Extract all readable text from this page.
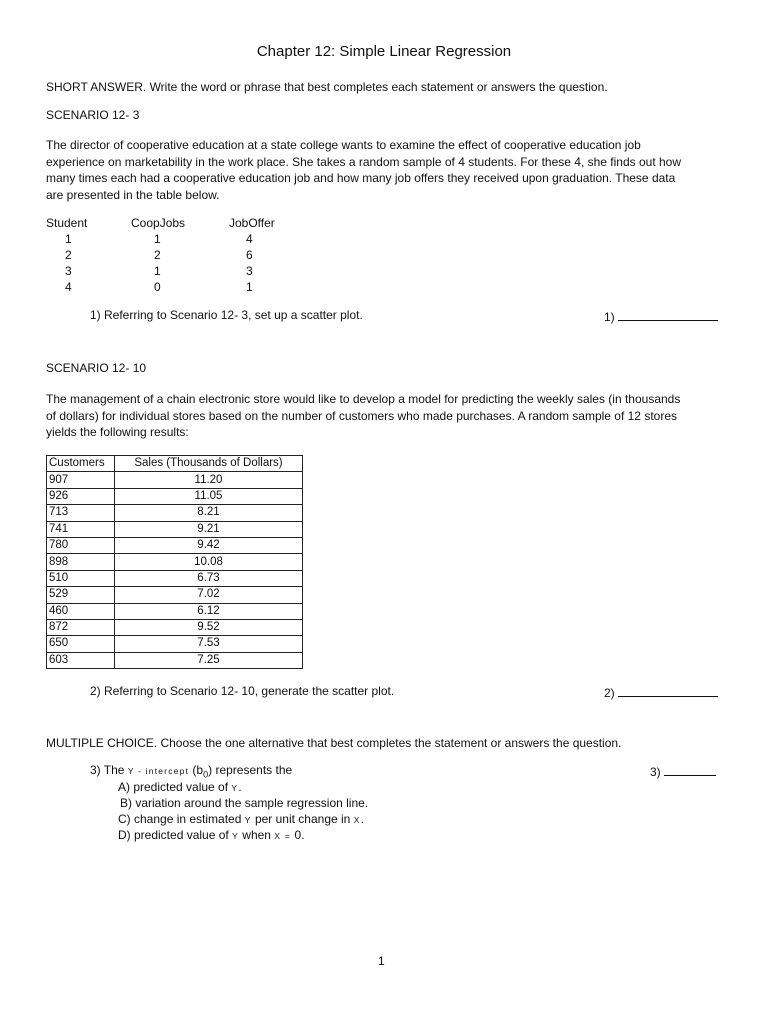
Chapter 12: Simple Linear Regression
SHORT ANSWER. Write the word or phrase that best completes each statement or answers the question.
SCENARIO 12- 3

The director of cooperative education at a state college wants to examine the effect of cooperative education job

experience on marketability in the work place. She takes a random sample of 4 students. For these 4, she finds out how

many times each had a cooperative education job and how many job offers they received upon graduation. These data

are presented in the table below.

Student	CoopJobs	JobOffer
1	1	4
2	2	6
3	1	3
4	0	1
1) Referring to Scenario 12- 3, set up a scatter plot.	1)
SCENARIO 12- 10

The management of a chain electronic store would like to develop a model for predicting the weekly sales (in thousands

of dollars) for individual stores based on the number of customers who made purchases. A random sample of 12 stores

yields the following results:

Customers	Sales (Thousands of Dollars)
907	11.20
926	11.05
713	8.21
741	9.21
780	9.42
898	10.08
510	6.73
529	7.02
460	6.12
872	9.52
650	7.53
603	7.25
2) Referring to Scenario 12- 10, generate the scatter plot.	2)
MULTIPLE CHOICE. Choose the one alternative that best completes the statement or answers the question.
3) The Y - intercept $(b_0)$ represents the	3)
A) predicted value of Y.
B) variation around the sample regression line.
C) change in estimated Y per unit change in X.
D) predicted value of Y when X = 0.
1
